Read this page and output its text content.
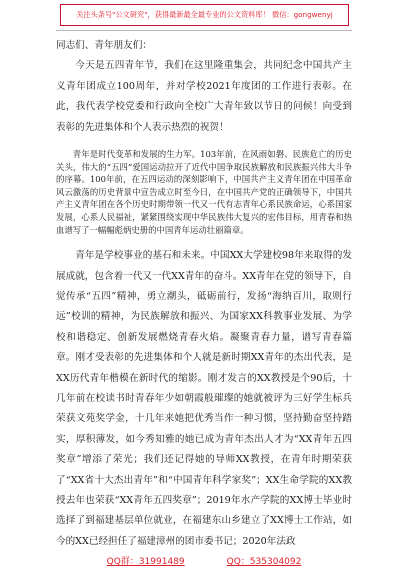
关注头条号"公文研究"，获得最新最全最专业的公文资料库！ 微信：gongwenyj

同志们、青年朋友们：

今天是五四青年节，我们在这里隆重集会，共同纪念中国共产主义青年团成立100周年，并对学校2021年度团的工作进行表彰。在此，我代表学校党委和行政向全校广大青年致以节日的问候！向受到表彰的先进集体和个人表示热烈的祝贺！

青年是时代变革和发展的生力军。103年前，在风雨如磐、民族危亡的历史关头，伟大的“五四”爱国运动拉开了近代中国争取民族解放和民族振兴伟大斗争的序幕。100年前，在五四运动的深刻影响下，中国共产主义青年团在中国革命风云激荡的历史背景中宣告成立时至今日，在中国共产党的正确领导下，中国共产主义青年团在各个历史时期带领一代又一代有志青年心系民族命运，心系国家发展，心系人民福祉，紧紧围绕实现中华民族伟大复兴的宏伟目标，用青春和热血谱写了一幅幅彪炳史册的中国青年运动壮丽篇章。

青年是学校事业的基石和未来。中国XX大学建校98年来取得的发展成就，包含着一代又一代XX青年的奋斗。XX青年在党的领导下，自觉传承“五四”精神，勇立潮头，砥砺前行，发扬“海纳百川，取则行远”校训的精神，为民族解放和振兴、为国家XX科教事业发展、为学校和谐稳定、创新发展燃烧青春火焰。凝聚青春力量，谱写青春篇章。刚才受表彰的先进集体和个人就是新时期XX青年的杰出代表，是XX历代青年楷模在新时代的缩影。刚才发言的XX教授是个90后，十几年前在校读书时青春年少如朝霞般璀璨的她就被评为三好学生标兵荣获文苑奖学金，十几年来她把优秀当作一种习惯，坚持勤奋坚持踏实，厚积薄发，如今秀知雅的她已成为青年杰出人才为“XX青年五四奖章”增添了荣光；我们还记得她的导师XX教授，在青年时期荣获了“XX省十大杰出青年”和“中国青年科学家奖”；XX生命学院的XX教授去年也荣获“XX青年五四奖章”；2019年水产学院的XX博士毕业时选择了到福建基层单位就业，在福建东山乡建立了XX博士工作站，如今的XX已经担任了福建漳州的团市委书记；2020年法政

QQ群：31991489	QQ：535304092
